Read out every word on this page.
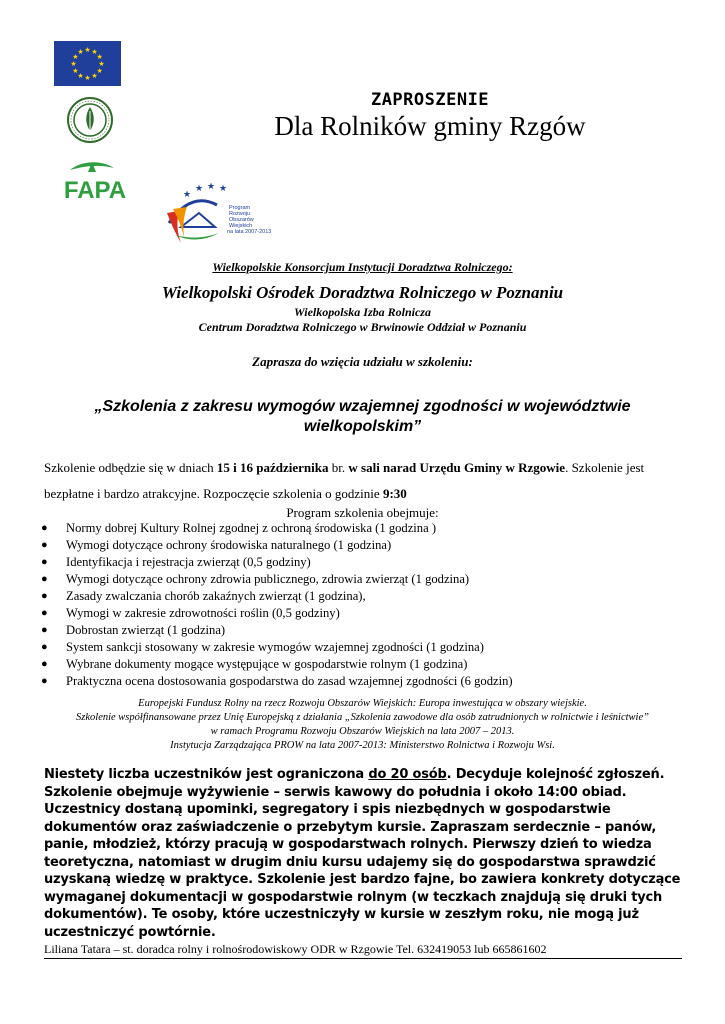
★ ★
★
★
★
★
★
★
★
★
★
★
FAPA	★
★ ★ ★
Program
Rozwoju
Obszarów
Wiejskich
na lata 2007-2013

ZAPROSZENIE

Dla Rolników gminy Rzgów

Wielkopolskie Konsorcjum Instytucji Doradztwa Rolniczego:
Wielkopolski Ośrodek Doradztwa Rolniczego w Poznaniu
Wielkopolska Izba Rolnicza
Centrum Doradztwa Rolniczego w Brwinowie Oddział w Poznaniu
Zaprasza do wzięcia udziału w szkoleniu:
„Szkolenia z zakresu wymogów wzajemnej zgodności w województwie wielkopolskim”
Szkolenie odbędzie się w dniach 15 i 16 października br. w sali narad Urzędu Gminy w Rzgowie. Szkolenie jest bezpłatne i bardzo atrakcyjne. Rozpoczęcie szkolenia o godzinie 9:30
Program szkolenia obejmuje:
● Normy dobrej Kultury Rolnej zgodnej z ochroną środowiska (1 godzina )
● Wymogi dotyczące ochrony środowiska naturalnego (1 godzina)
● Identyfikacja i rejestracja zwierząt (0,5 godziny)
● Wymogi dotyczące ochrony zdrowia publicznego, zdrowia zwierząt (1 godzina)
● Zasady zwalczania chorób zakaźnych zwierząt (1 godzina),
● Wymogi w zakresie zdrowotności roślin (0,5 godziny)
● Dobrostan zwierząt (1 godzina)
● System sankcji stosowany w zakresie wymogów wzajemnej zgodności (1 godzina)
● Wybrane dokumenty mogące występujące w gospodarstwie rolnym (1 godzina)
● Praktyczna ocena dostosowania gospodarstwa do zasad wzajemnej zgodności (6 godzin)
Europejski Fundusz Rolny na rzecz Rozwoju Obszarów Wiejskich: Europa inwestująca w obszary wiejskie.
Szkolenie współfinansowane przez Unię Europejską z działania „Szkolenia zawodowe dla osób zatrudnionych w rolnictwie i leśnictwie”
w ramach Programu Rozwoju Obszarów Wiejskich na lata 2007 – 2013.
Instytucja Zarządzająca PROW na lata 2007-2013: Ministerstwo Rolnictwa i Rozwoju Wsi.
Niestety liczba uczestników jest ograniczona do 20 osób. Decyduje kolejność zgłoszeń. Szkolenie obejmuje wyżywienie – serwis kawowy do południa i około 14:00 obiad. Uczestnicy dostaną upominki, segregatory i spis niezbędnych w gospodarstwie dokumentów oraz zaświadczenie o przebytym kursie. Zapraszam serdecznie – panów, panie, młodzież, którzy pracują w gospodarstwach rolnych. Pierwszy dzień to wiedza teoretyczna, natomiast w drugim dniu kursu udajemy się do gospodarstwa sprawdzić uzyskaną wiedzę w praktyce. Szkolenie jest bardzo fajne, bo zawiera konkrety dotyczące wymaganej dokumentacji w gospodarstwie rolnym (w teczkach znajdują się druki tych dokumentów). Te osoby, które uczestniczyły w kursie w zeszłym roku, nie mogą już uczestniczyć powtórnie.
Liliana Tatara – st. doradca rolny i rolnośrodowiskowy ODR w Rzgowie Tel. 632419053 lub 665861602
